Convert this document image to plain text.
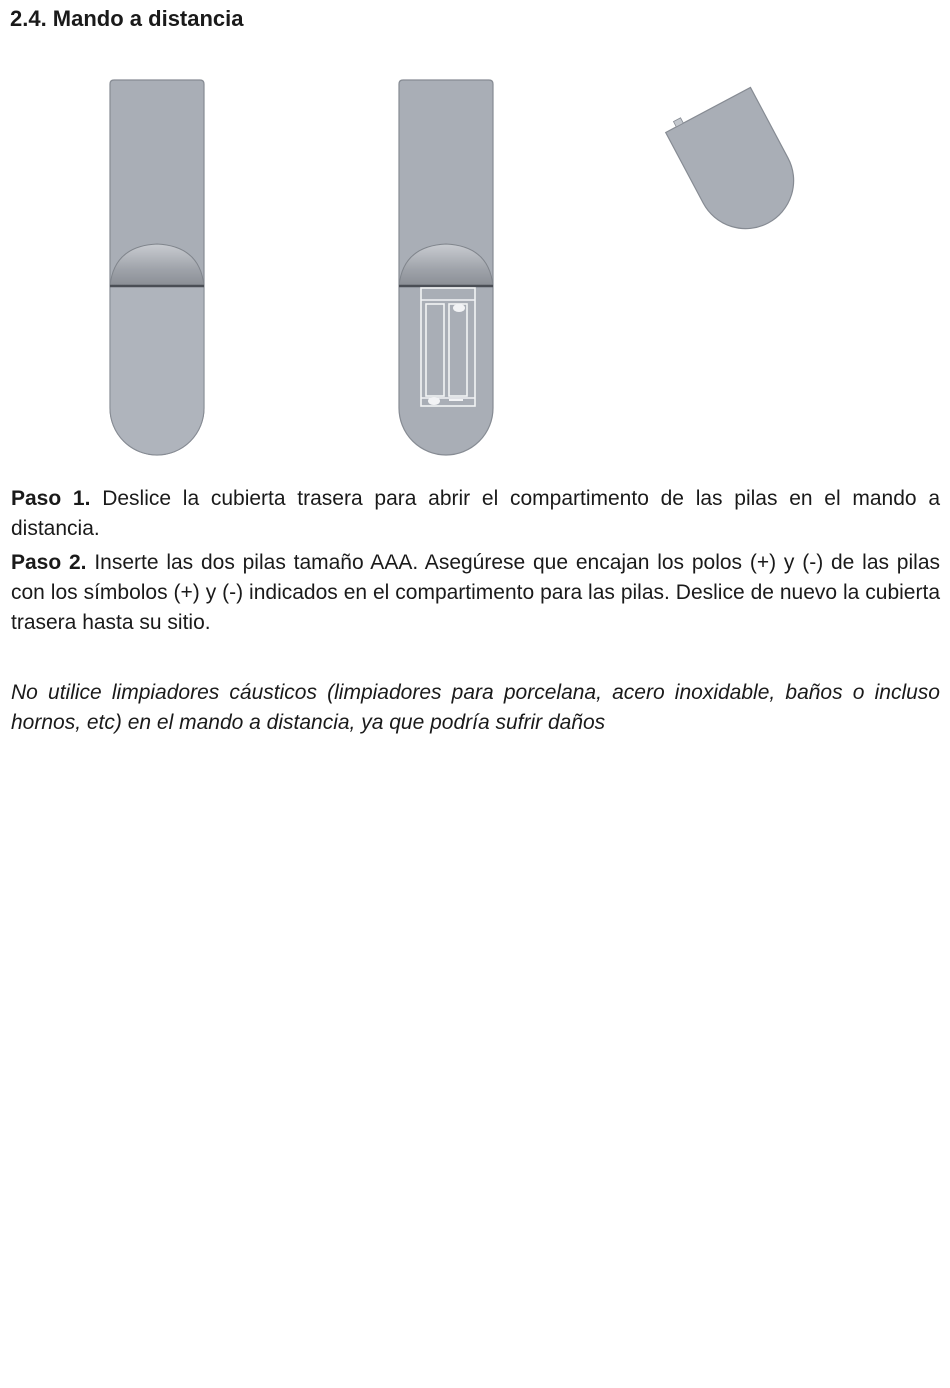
2.4. Mando a distancia

Paso 1. Deslice la cubierta trasera para abrir el compartimento de las pilas en el mando a distancia.

Paso 2. Inserte las dos pilas tamaño AAA. Asegúrese que encajan los polos (+) y (-) de las pilas con los símbolos (+) y (-) indicados en el compartimento para las pilas. Deslice de nuevo la cubierta trasera hasta su sitio.

No utilice limpiadores cáusticos (limpiadores para porcelana, acero inoxidable, baños o incluso hornos, etc) en el mando a distancia, ya que podría sufrir daños
